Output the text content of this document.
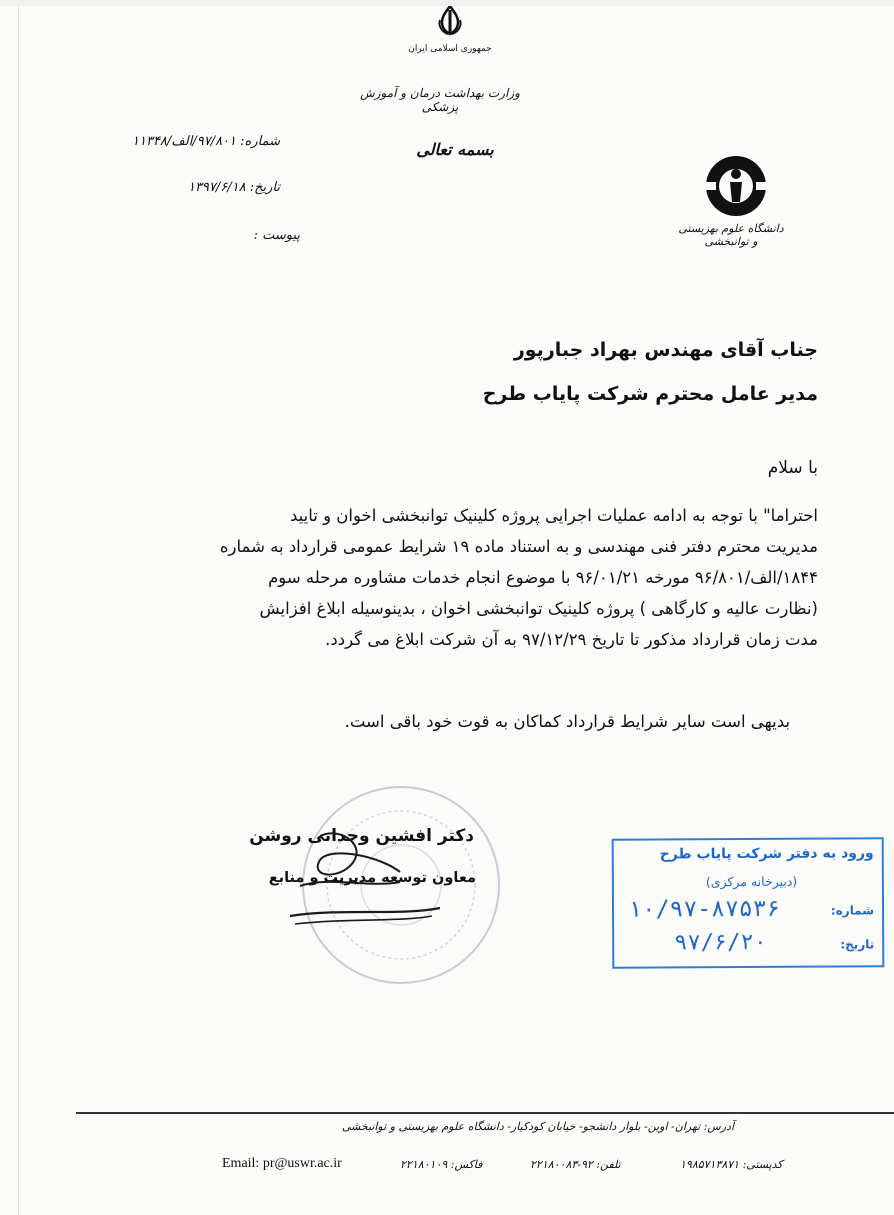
جمهوری اسلامی ایران
وزارت بهداشت درمان و آموزش پزشکی
بسمه تعالی
شماره: ۹۷/۸۰۱/الف/۱۱۳۴۸
تاریخ: ۱۳۹۷/۶/۱۸
پیوست :	دانشگاه علوم بهزیستی و توانبخشی
جناب آقای مهندس بهراد جبارپور
مدیر عامل محترم شرکت پایاب طرح
با سلام
احتراما" با توجه به ادامه عملیات اجرایی پروژه کلینیک توانبخشی اخوان و تایید
مدیریت محترم دفتر فنی مهندسی و به استناد ماده ۱۹ شرایط عمومی قرارداد به شماره
۱۸۴۴/الف/۹۶/۸۰۱ مورخه ۹۶/۰۱/۲۱ با موضوع انجام خدمات مشاوره مرحله سوم
(نظارت عالیه و کارگاهی ) پروژه کلینیک توانبخشی اخوان ، بدینوسیله ابلاغ افزایش
مدت زمان قرارداد مذکور تا تاریخ ۹۷/۱۲/۲۹ به آن شرکت ابلاغ می گردد.
بدیهی است سایر شرایط قرارداد کماکان به قوت خود باقی است.
دکتر افشین وجدانی روشن
معاون توسعه مدیریت و منابع
ورود به دفتر شرکت پایاب طرح
(دبیرخانه مرکزی)
شماره:
۱۰/۹۷-۸۷۵۳۶
تاریخ:
۹۷/۶/۲۰
آدرس: تهران- اوین- بلوار دانشجو- خیابان کودکیار- دانشگاه علوم بهزیستی و توانبخشی
Email: pr@uswr.ac.ir	فاکس: ۲۲۱۸۰۱۰۹	تلفن: ۹۲-۲۲۱۸۰۰۸۳	کدپستی: ۱۹۸۵۷۱۳۸۷۱
